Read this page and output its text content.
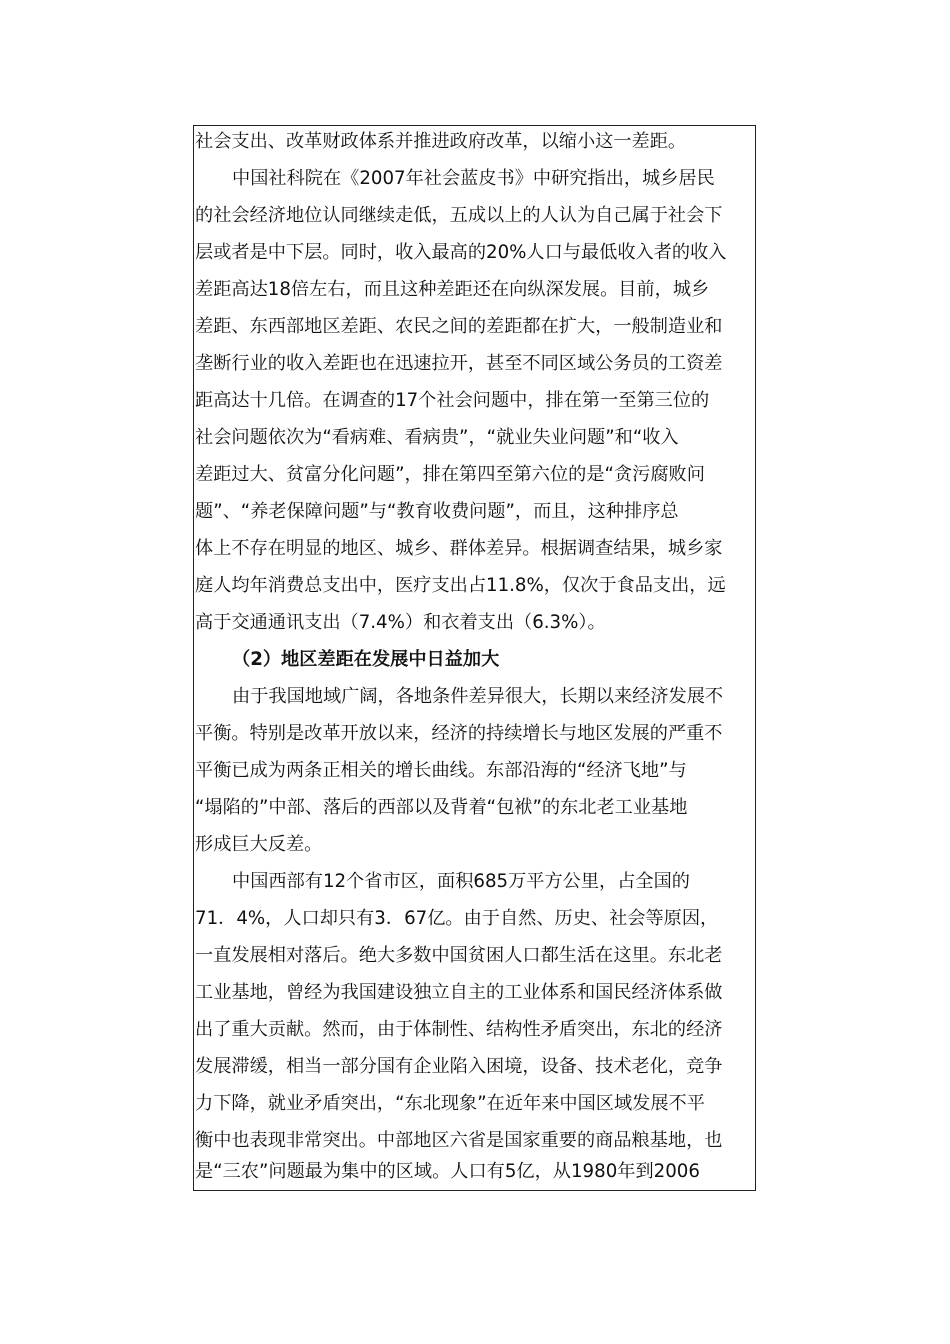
社会支出、改革财政体系并推进政府改革，以缩小这一差距。
中国社科院在《2007年社会蓝皮书》中研究指出，城乡居民
的社会经济地位认同继续走低，五成以上的人认为自己属于社会下
层或者是中下层。同时，收入最高的20%人口与最低收入者的收入
差距高达18倍左右，而且这种差距还在向纵深发展。目前，城乡
差距、东西部地区差距、农民之间的差距都在扩大，一般制造业和
垄断行业的收入差距也在迅速拉开，甚至不同区域公务员的工资差
距高达十几倍。在调查的17个社会问题中，排在第一至第三位的
社会问题依次为“看病难、看病贵”，“就业失业问题”和“收入
差距过大、贫富分化问题”，排在第四至第六位的是“贪污腐败问
题”、“养老保障问题”与“教育收费问题”，而且，这种排序总
体上不存在明显的地区、城乡、群体差异。根据调查结果，城乡家
庭人均年消费总支出中，医疗支出占11.8%，仅次于食品支出，远
高于交通通讯支出（7.4%）和衣着支出（6.3%）。
（2）地区差距在发展中日益加大
由于我国地域广阔，各地条件差异很大，长期以来经济发展不
平衡。特别是改革开放以来，经济的持续增长与地区发展的严重不
平衡已成为两条正相关的增长曲线。东部沿海的“经济飞地”与
“塌陷的”中部、落后的西部以及背着“包袱”的东北老工业基地
形成巨大反差。
中国西部有12个省市区，面积685万平方公里，占全国的
71．4%，人口却只有3．67亿。由于自然、历史、社会等原因，
一直发展相对落后。绝大多数中国贫困人口都生活在这里。东北老
工业基地，曾经为我国建设独立自主的工业体系和国民经济体系做
出了重大贡献。然而，由于体制性、结构性矛盾突出，东北的经济
发展滞缓，相当一部分国有企业陷入困境，设备、技术老化，竞争
力下降，就业矛盾突出，“东北现象”在近年来中国区域发展不平
衡中也表现非常突出。中部地区六省是国家重要的商品粮基地，也
是“三农”问题最为集中的区域。人口有5亿，从1980年到2006
